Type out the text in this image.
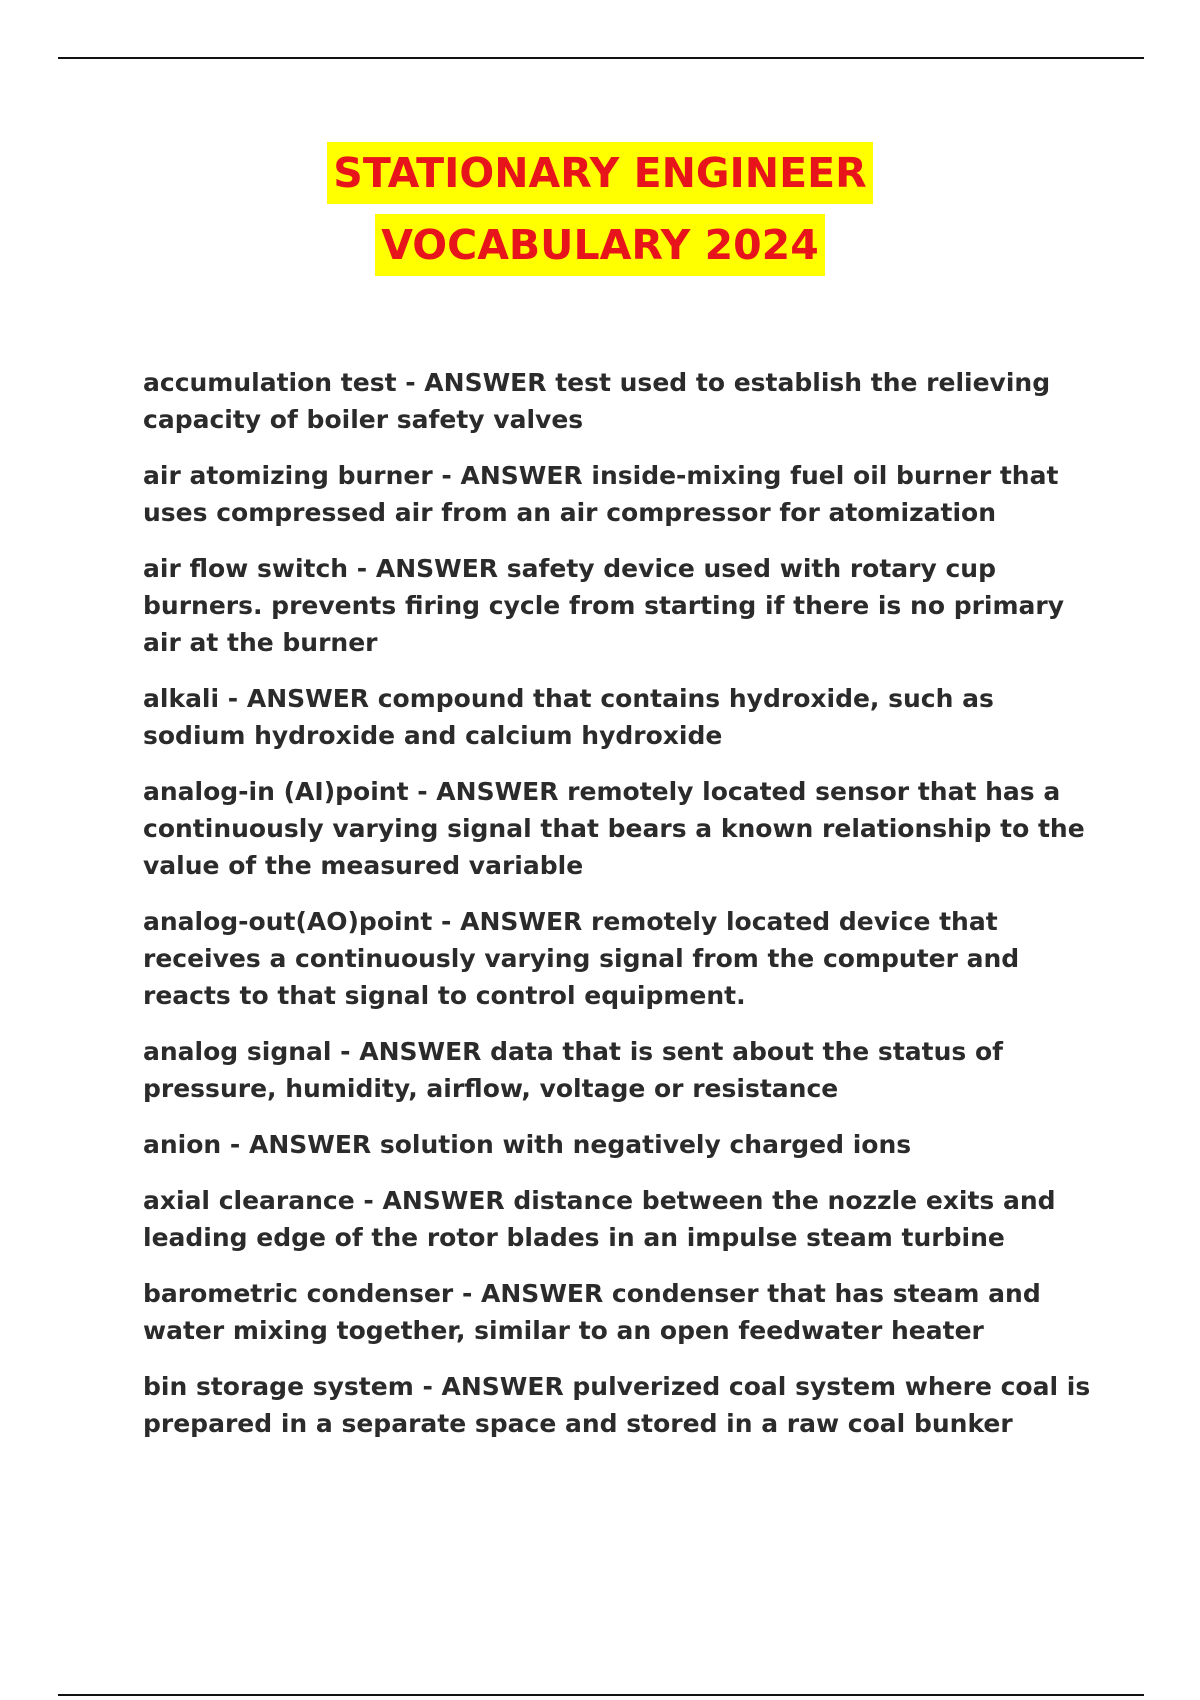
STATIONARY ENGINEER
VOCABULARY 2024

accumulation test - ANSWER test used to establish the relieving capacity of boiler safety valves

air atomizing burner - ANSWER inside-mixing fuel oil burner that uses compressed air from an air compressor for atomization

air flow switch - ANSWER safety device used with rotary cup burners. prevents firing cycle from starting if there is no primary air at the burner

alkali - ANSWER compound that contains hydroxide, such as sodium hydroxide and calcium hydroxide

analog-in (AI)point - ANSWER remotely located sensor that has a continuously varying signal that bears a known relationship to the value of the measured variable

analog-out(AO)point - ANSWER remotely located device that receives a continuously varying signal from the computer and reacts to that signal to control equipment.

analog signal - ANSWER data that is sent about the status of pressure, humidity, airflow, voltage or resistance

anion - ANSWER solution with negatively charged ions

axial clearance - ANSWER distance between the nozzle exits and leading edge of the rotor blades in an impulse steam turbine

barometric condenser - ANSWER condenser that has steam and water mixing together, similar to an open feedwater heater

bin storage system - ANSWER pulverized coal system where coal is prepared in a separate space and stored in a raw coal bunker
